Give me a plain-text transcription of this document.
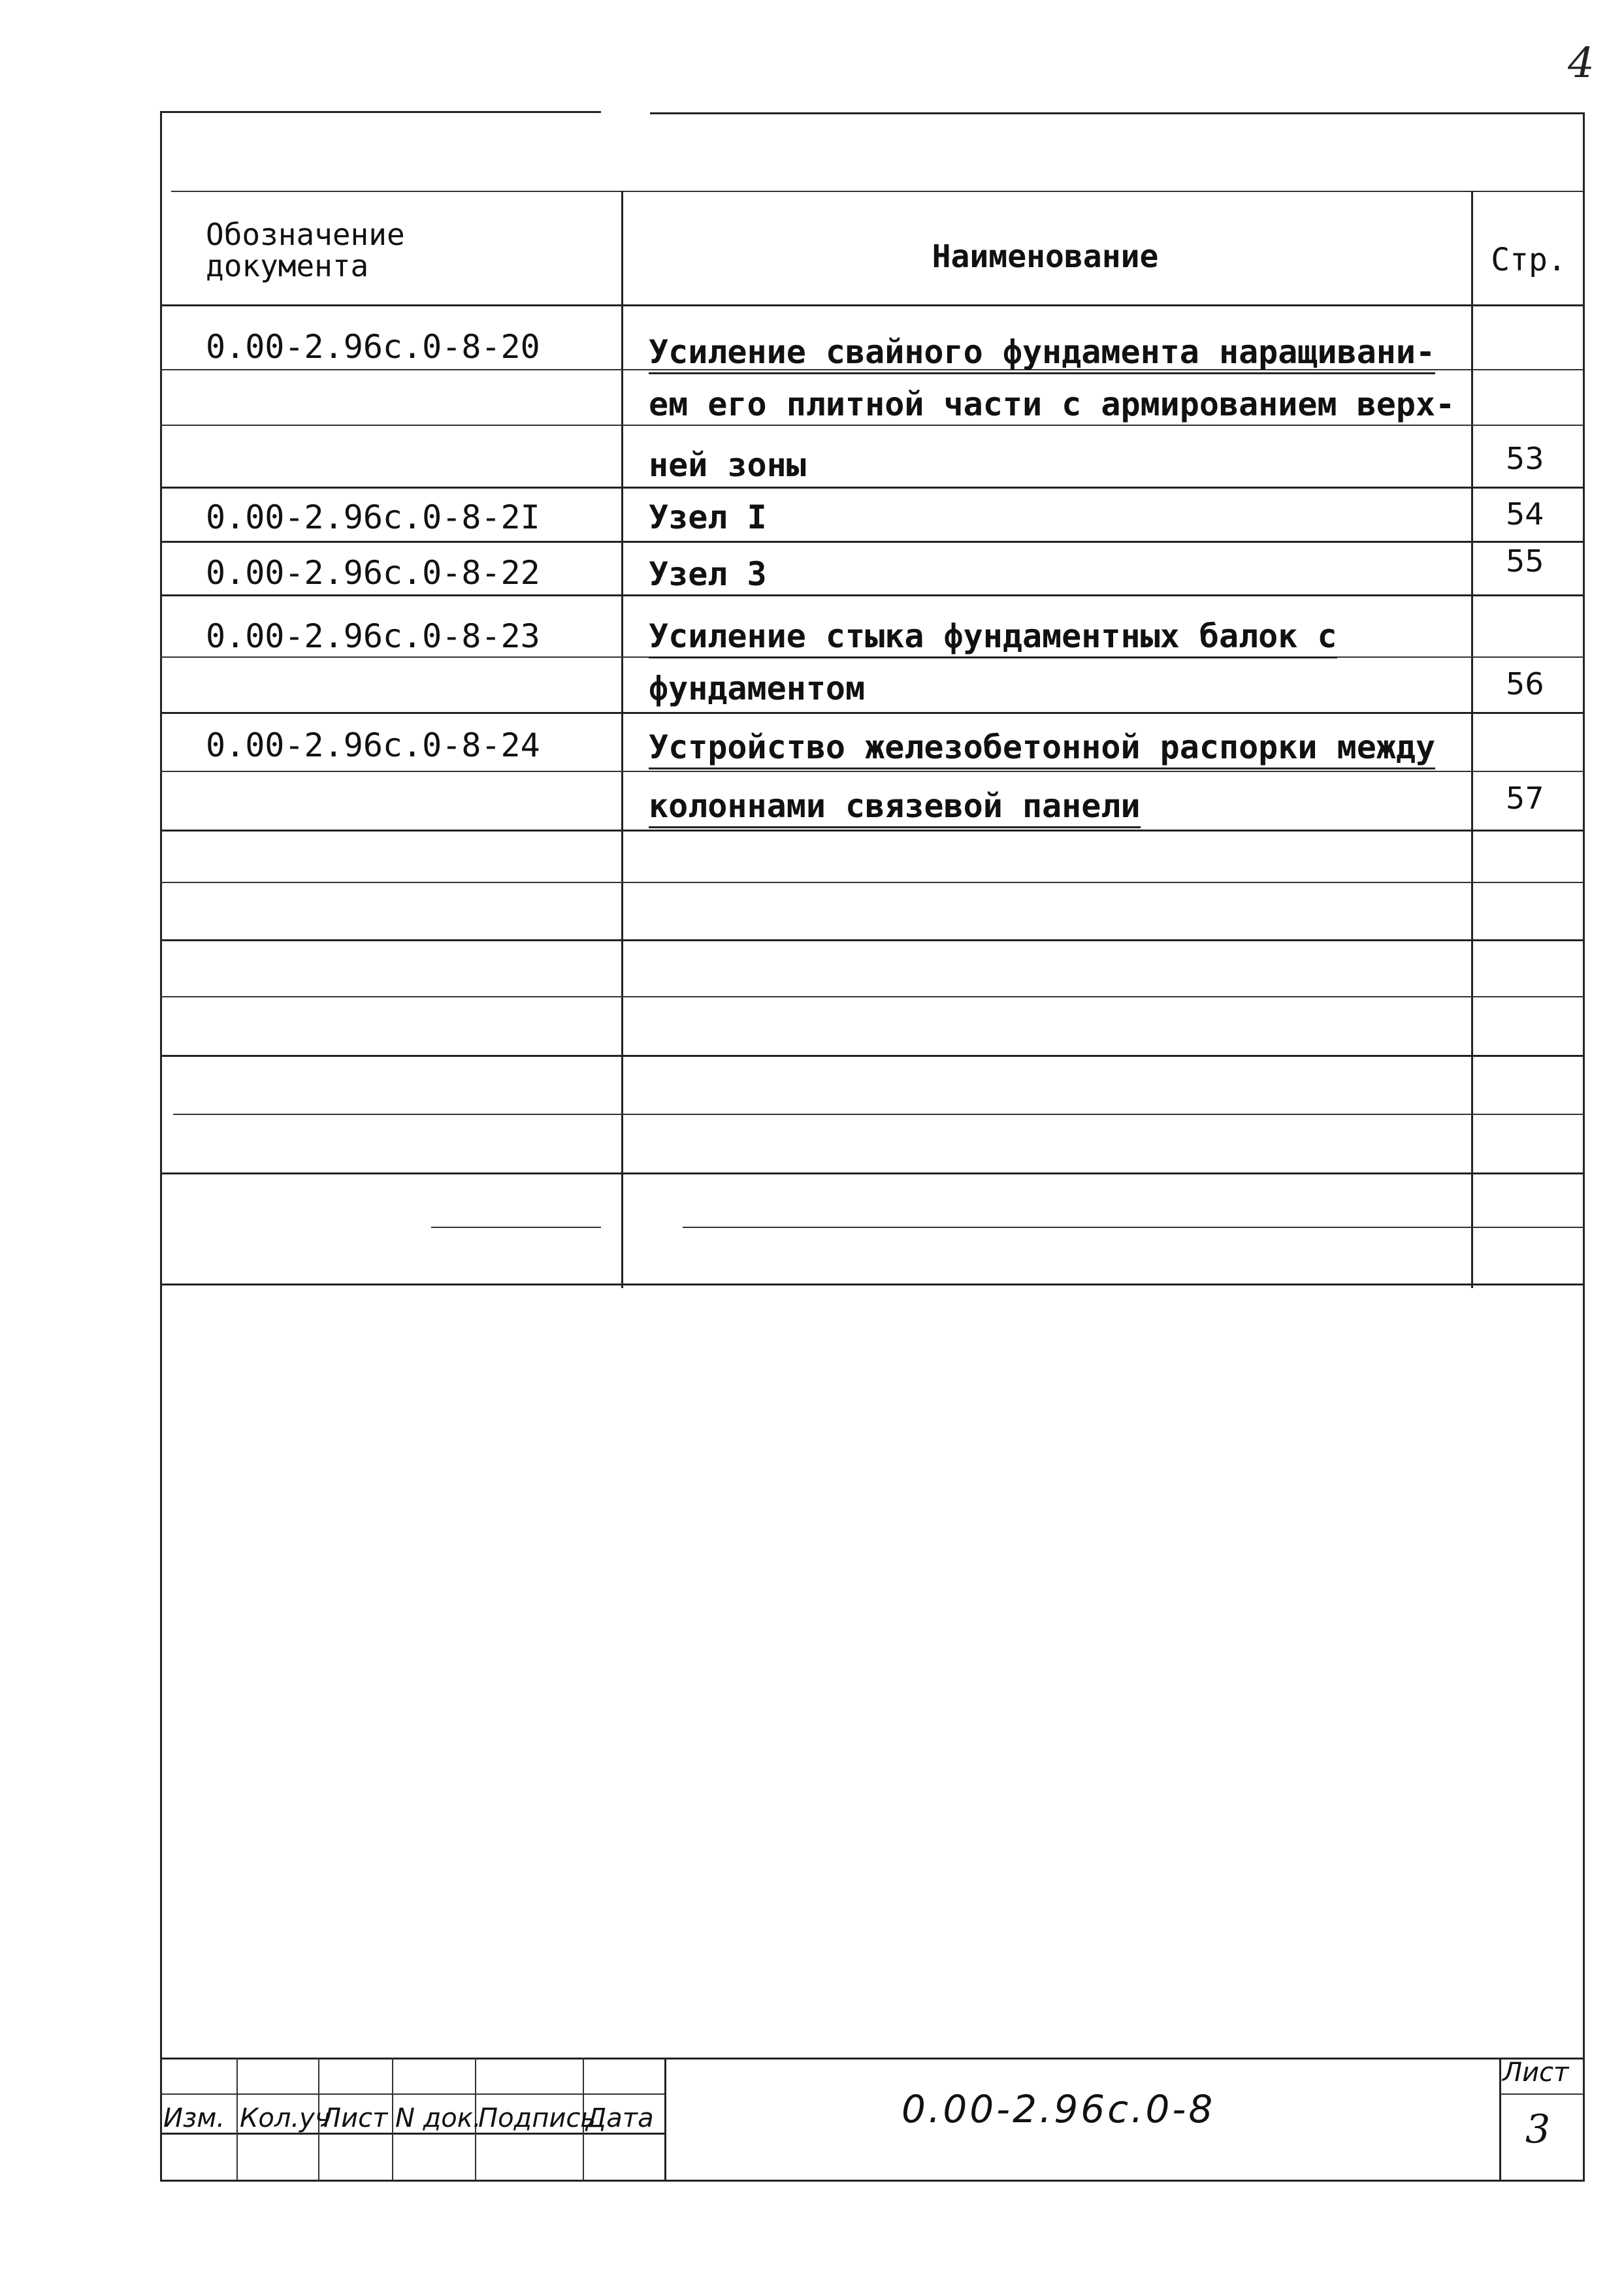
4
Обозначение
документа	Наименование	Стр.
0.00-2.96с.0-8-20	Усиление свайного фундамента наращивани-
ем его плитной части с армированием верх-
ней зоны	53
0.00-2.96с.0-8-2I	Узел I	54
0.00-2.96с.0-8-22	Узел 3	55
0.00-2.96с.0-8-23	Усиление стыка фундаментных балок с
фундаментом	56
0.00-2.96с.0-8-24	Устройство железобетонной распорки между
колоннами связевой панели	57
Изм. Кол.уч
Лист N док.
Подпись
Дата	0.00-2.96с.0-8
Лист
3
